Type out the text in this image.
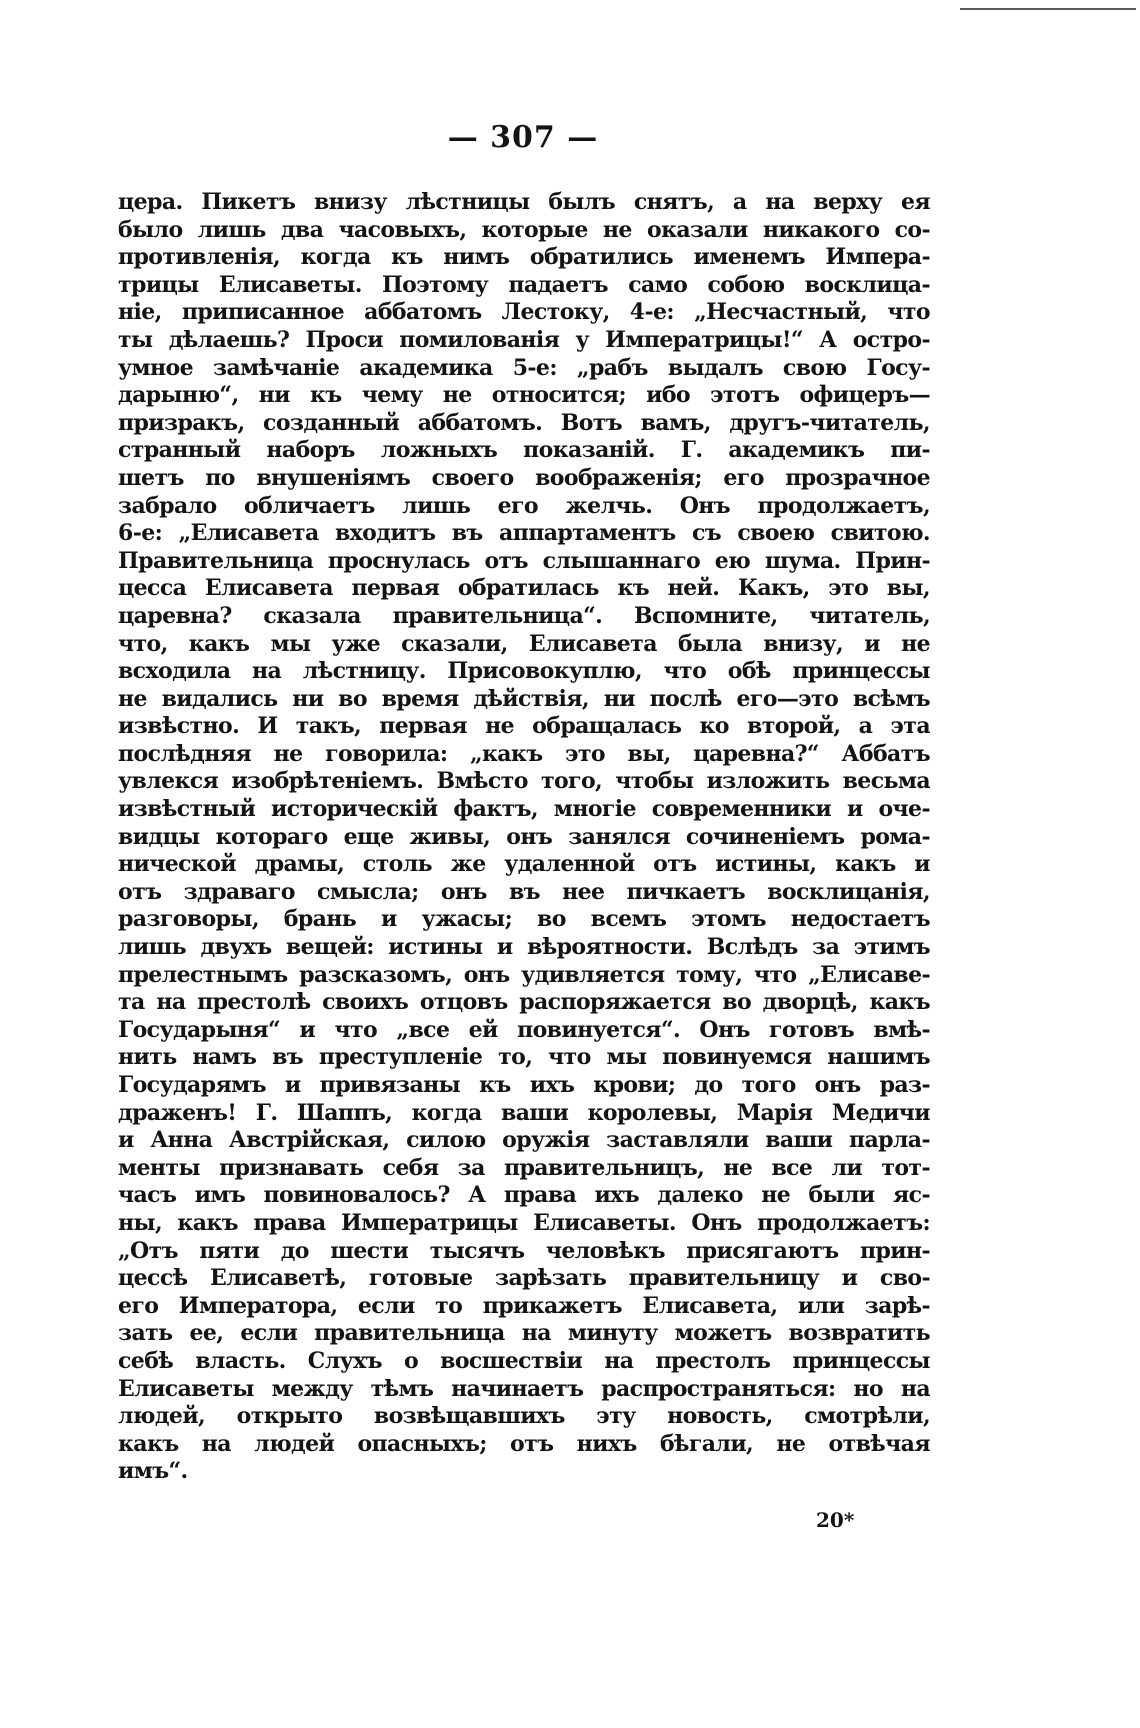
— 307 —
цера. Пикетъ внизу лѣстницы былъ снятъ, а на верху ея
было лишь два часовыхъ, которые не оказали никакого со-
противленія, когда къ нимъ обратились именемъ Импера-
трицы Елисаветы. Поэтому падаетъ само собою восклица-
ніе, приписанное аббатомъ Лестоку, 4-е: „Несчастный, что
ты дѣлаешь? Проси помилованія у Императрицы!“ А остро-
умное замѣчаніе академика 5-е: „рабъ выдалъ свою Госу-
дарыню“, ни къ чему не относится; ибо этотъ офицеръ—
призракъ, созданный аббатомъ. Вотъ вамъ, другъ-читатель,
странный наборъ ложныхъ показаній. Г. академикъ пи-
шетъ по внушеніямъ своего воображенія; его прозрачное
забрало обличаетъ лишь его желчь. Онъ продолжаетъ,
6-е: „Елисавета входитъ въ аппартаментъ съ своею свитою.
Правительница проснулась отъ слышаннаго ею шума. Прин-
цесса Елисавета первая обратилась къ ней. Какъ, это вы,
царевна? сказала правительница“. Вспомните, читатель,
что, какъ мы уже сказали, Елисавета была внизу, и не
всходила на лѣстницу. Присовокуплю, что обѣ принцессы
не видались ни во время дѣйствія, ни послѣ его—это всѣмъ
извѣстно. И такъ, первая не обращалась ко второй, а эта
послѣдняя не говорила: „какъ это вы, царевна?“ Аббатъ
увлекся изобрѣтеніемъ. Вмѣсто того, чтобы изложить весьма
извѣстный историческій фактъ, многіе современники и оче-
видцы котораго еще живы, онъ занялся сочиненіемъ рома-
нической драмы, столь же удаленной отъ истины, какъ и
отъ здраваго смысла; онъ въ нее пичкаетъ восклицанія,
разговоры, брань и ужасы; во всемъ этомъ недостаетъ
лишь двухъ вещей: истины и вѣроятности. Вслѣдъ за этимъ
прелестнымъ разсказомъ, онъ удивляется тому, что „Елисаве-
та на престолѣ своихъ отцовъ распоряжается во дворцѣ, какъ
Государыня“ и что „все ей повинуется“. Онъ готовъ вмѣ-
нить намъ въ преступленіе то, что мы повинуемся нашимъ
Государямъ и привязаны къ ихъ крови; до того онъ раз-
драженъ! Г. Шаппъ, когда ваши королевы, Марія Медичи
и Анна Австрійская, силою оружія заставляли ваши парла-
менты признавать себя за правительницъ, не все ли тот-
часъ имъ повиновалось? А права ихъ далеко не были яс-
ны, какъ права Императрицы Елисаветы. Онъ продолжаетъ:
„Отъ пяти до шести тысячъ человѣкъ присягаютъ прин-
цессѣ Елисаветѣ, готовые зарѣзать правительницу и сво-
его Императора, если то прикажетъ Елисавета, или зарѣ-
зать ее, если правительница на минуту можетъ возвратить
себѣ власть. Слухъ о восшествіи на престолъ принцессы
Елисаветы между тѣмъ начинаетъ распространяться: но на
людей, открыто возвѣщавшихъ эту новость, смотрѣли,
какъ на людей опасныхъ; отъ нихъ бѣгали, не отвѣчая
имъ“.
20*
